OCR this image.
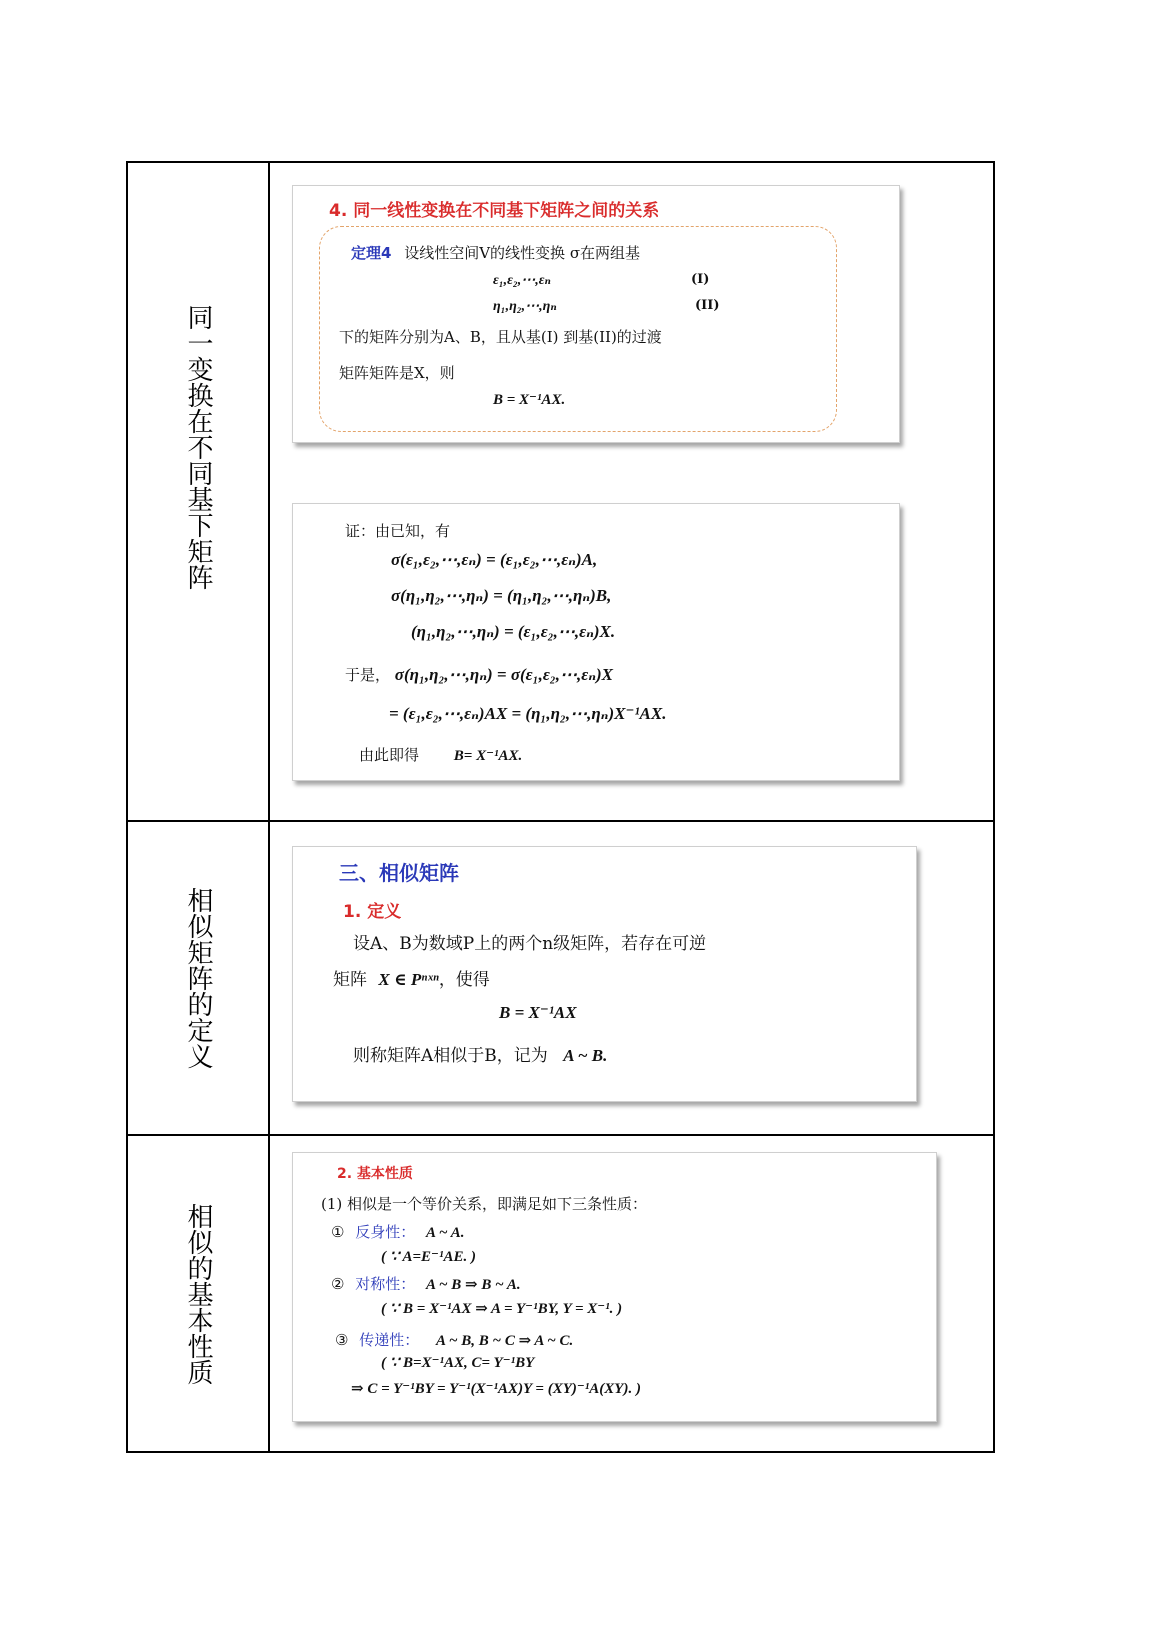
同一变换在不同基下矩阵
4. 同一线性变换在不同基下矩阵之间的关系
定理4 设线性空间V的线性变换 σ在两组基
ε₁,ε₂,⋯,εₙ	(I)
η₁,η₂,⋯,ηₙ	(II)
下的矩阵分别为A、B，且从基(I) 到基(II)的过渡
矩阵矩阵是X，则
B = X⁻¹AX.
证：由已知，有
σ(ε₁,ε₂,⋯,εₙ) = (ε₁,ε₂,⋯,εₙ)A,
σ(η₁,η₂,⋯,ηₙ) = (η₁,η₂,⋯,ηₙ)B,
(η₁,η₂,⋯,ηₙ) = (ε₁,ε₂,⋯,εₙ)X.
于是， σ(η₁,η₂,⋯,ηₙ) = σ(ε₁,ε₂,⋯,εₙ)X
= (ε₁,ε₂,⋯,εₙ)AX = (η₁,η₂,⋯,ηₙ)X⁻¹AX.
由此即得 B= X⁻¹AX.
相似矩阵的定义
三、相似矩阵
1. 定义
设A、B为数域P上的两个n级矩阵，若存在可逆
矩阵 X ∈ Pⁿˣⁿ，使得
B = X⁻¹AX
则称矩阵A相似于B，记为 A ~ B.
相似的基本性质
2. 基本性质
(1) 相似是一个等价关系，即满足如下三条性质：
① 反身性： A ~ A.
( ∵ A=E⁻¹AE. )
② 对称性： A ~ B ⇒ B ~ A.
( ∵ B = X⁻¹AX ⇒ A = Y⁻¹BY, Y = X⁻¹. )
③ 传递性： A ~ B, B ~ C ⇒ A ~ C.
( ∵ B=X⁻¹AX, C= Y⁻¹BY
⇒ C = Y⁻¹BY = Y⁻¹(X⁻¹AX)Y = (XY)⁻¹A(XY). )
